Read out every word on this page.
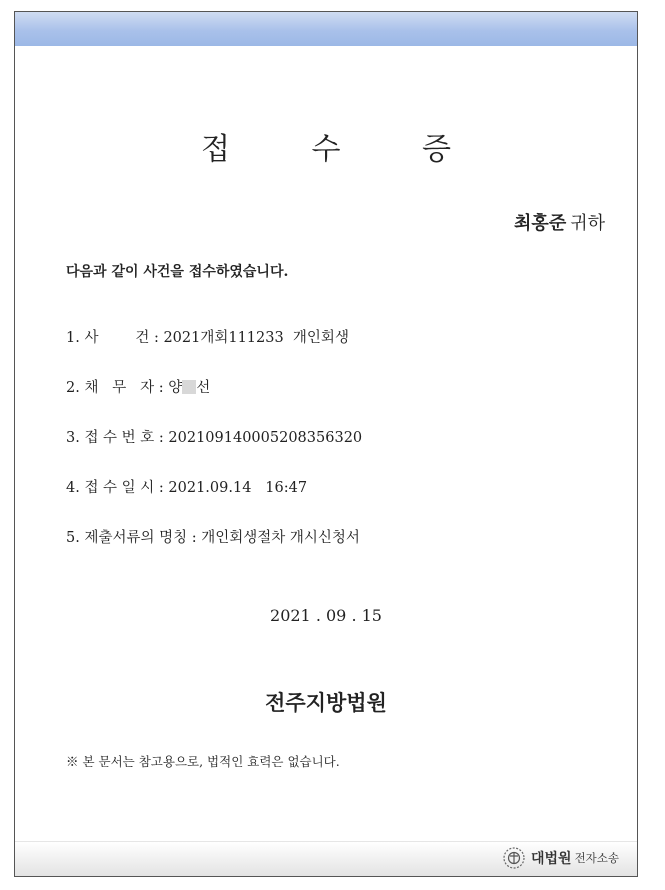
접 수 증
최홍준 귀하
다음과 같이 사건을 접수하였습니다.
1. 사        건 : 2021개회111233  개인회생
2. 채   무   자 : 양 선
3. 접 수 번 호 : 202109140005208356320
4. 접 수 일 시 : 2021.09.14   16:47
5. 제출서류의 명칭 : 개인회생절차 개시신청서
2021 . 09 . 15
전주지방법원
※ 본 문서는 참고용으로, 법적인 효력은 없습니다.
대법원 전자소송
